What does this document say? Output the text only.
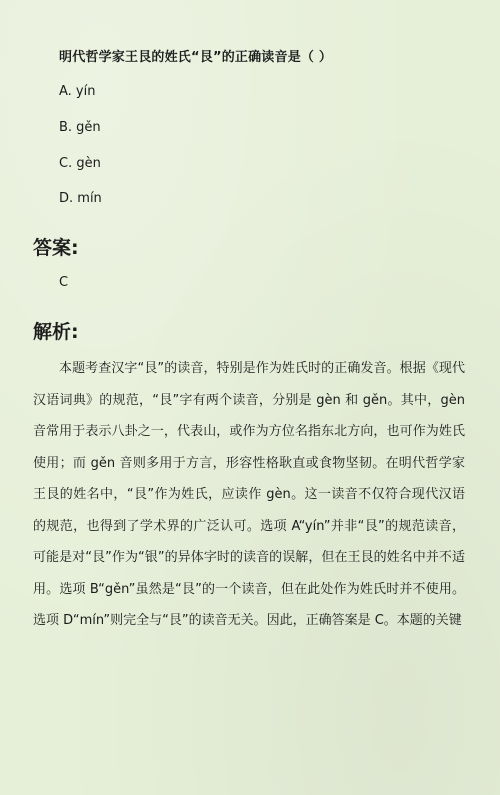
明代哲学家王艮的姓氏“艮”的正确读音是（ ）
A. yín
B. gěn
C. gèn
D. mín
答案:
C
解析:

本题考查汉字“艮”的读音，特别是作为姓氏时的正确发音。根据《现代汉语词典》的规范，“艮”字有两个读音，分别是 gèn 和 gěn。其中，gèn 音常用于表示八卦之一，代表山，或作为方位名指东北方向，也可作为姓氏使用；而 gěn 音则多用于方言，形容性格耿直或食物坚韧。在明代哲学家王艮的姓名中，“艮”作为姓氏，应读作 gèn。这一读音不仅符合现代汉语的规范，也得到了学术界的广泛认可。选项 A“yín”并非“艮”的规范读音，可能是对“艮”作为“银”的异体字时的读音的误解，但在王艮的姓名中并不适用。选项 B“gěn”虽然是“艮”的一个读音，但在此处作为姓氏时并不使用。选项 D“mín”则完全与“艮”的读音无关。因此，正确答案是 C。本题的关键
